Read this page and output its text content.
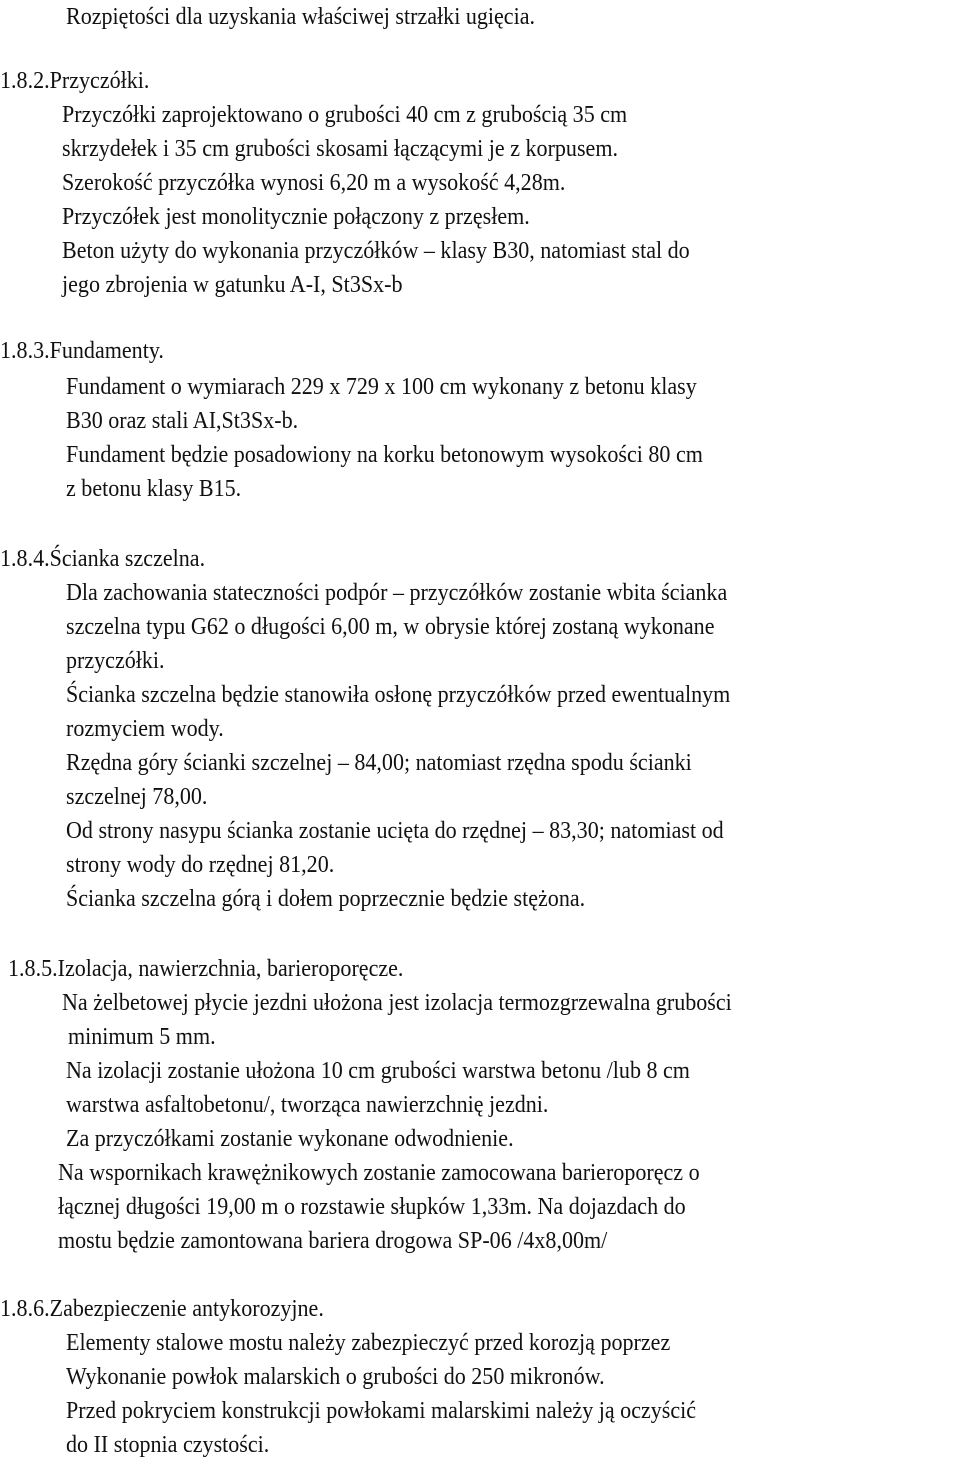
Rozpiętości dla uzyskania właściwej strzałki ugięcia.
1.8.2.Przyczółki.
Przyczółki zaprojektowano o grubości 40 cm z grubością 35 cm
skrzydełek i 35 cm grubości skosami łączącymi je z korpusem.
Szerokość przyczółka wynosi 6,20 m a wysokość 4,28m.
Przyczółek jest monolitycznie połączony z przęsłem.
Beton użyty do wykonania przyczółków – klasy B30, natomiast stal do
jego zbrojenia w gatunku A-I, St3Sx-b
1.8.3.Fundamenty.
Fundament o wymiarach 229 x 729 x 100 cm wykonany z betonu klasy
B30 oraz stali AI,St3Sx-b.
Fundament będzie posadowiony na korku betonowym wysokości 80 cm
z betonu klasy B15.
1.8.4.Ścianka szczelna.
Dla zachowania stateczności podpór – przyczółków zostanie wbita ścianka
szczelna typu G62 o długości 6,00 m, w obrysie której zostaną wykonane
przyczółki.
Ścianka szczelna będzie stanowiła osłonę przyczółków przed ewentualnym
rozmyciem wody.
Rzędna góry ścianki szczelnej – 84,00; natomiast rzędna spodu ścianki
szczelnej 78,00.
Od strony nasypu ścianka zostanie ucięta do rzędnej – 83,30; natomiast od
strony wody do rzędnej 81,20.
Ścianka szczelna górą i dołem poprzecznie będzie stężona.
1.8.5.Izolacja, nawierzchnia, barieroporęcze.
Na żelbetowej płycie jezdni ułożona jest izolacja termozgrzewalna grubości
minimum 5 mm.
Na izolacji zostanie ułożona 10 cm grubości warstwa betonu /lub 8 cm
warstwa asfaltobetonu/, tworząca nawierzchnię jezdni.
Za przyczółkami zostanie wykonane odwodnienie.
Na wspornikach krawężnikowych zostanie zamocowana barieroporęcz o
łącznej długości 19,00 m o rozstawie słupków 1,33m. Na dojazdach do
mostu będzie zamontowana bariera drogowa SP-06 /4x8,00m/
1.8.6.Zabezpieczenie antykorozyjne.
Elementy stalowe mostu należy zabezpieczyć przed korozją poprzez
Wykonanie powłok malarskich o grubości do 250 mikronów.
Przed pokryciem konstrukcji powłokami malarskimi należy ją oczyścić
do II stopnia czystości.
